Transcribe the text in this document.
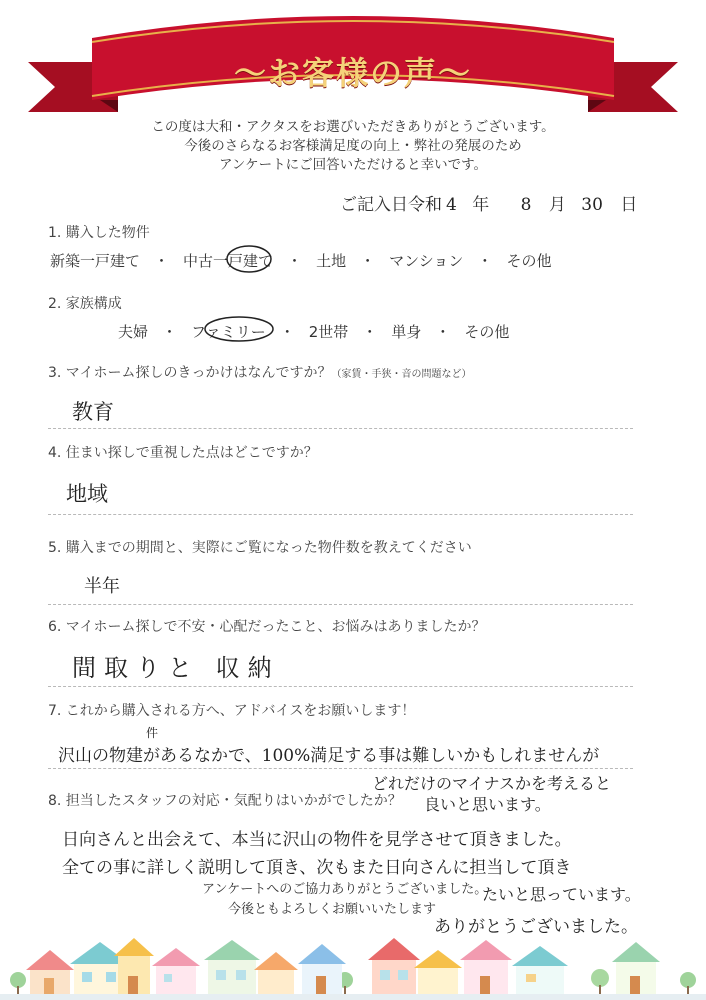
～お客様の声～
この度は大和・アクタスをお選びいただきありがとうございます。
今後のさらなるお客様満足度の向上・弊社の発展のため
アンケートにご回答いただけると幸いです。
ご記入日令和 4 年 8 月 30 日
1. 購入した物件
新築一戸建て ・ 中古一戸建て ・ 土地 ・ マンション ・ その他
2. 家族構成
夫婦 ・ ファミリー ・ 2世帯 ・ 単身 ・ その他
3. マイホーム探しのきっかけはなんですか？（家賃・手狭・音の問題など）
教育
4. 住まい探しで重視した点はどこですか？
地域
5. 購入までの期間と、実際にご覧になった物件数を教えてください
半年
6. マイホーム探しで不安・心配だったこと、お悩みはありましたか？
間取りと 収納
7. これから購入される方へ、アドバイスをお願いします！
件
沢山の物建があるなかで、100%満足する事は難しいかもしれませんが
どれだけのマイナスかを考えると
良いと思います。
8. 担当したスタッフの対応・気配りはいかがでしたか？
日向さんと出会えて、本当に沢山の物件を見学させて頂きました。
全ての事に詳しく説明して頂き、次もまた日向さんに担当して頂き
たいと思っています。
ありがとうございました。
アンケートへのご協力ありがとうございました。
今後ともよろしくお願いいたします
